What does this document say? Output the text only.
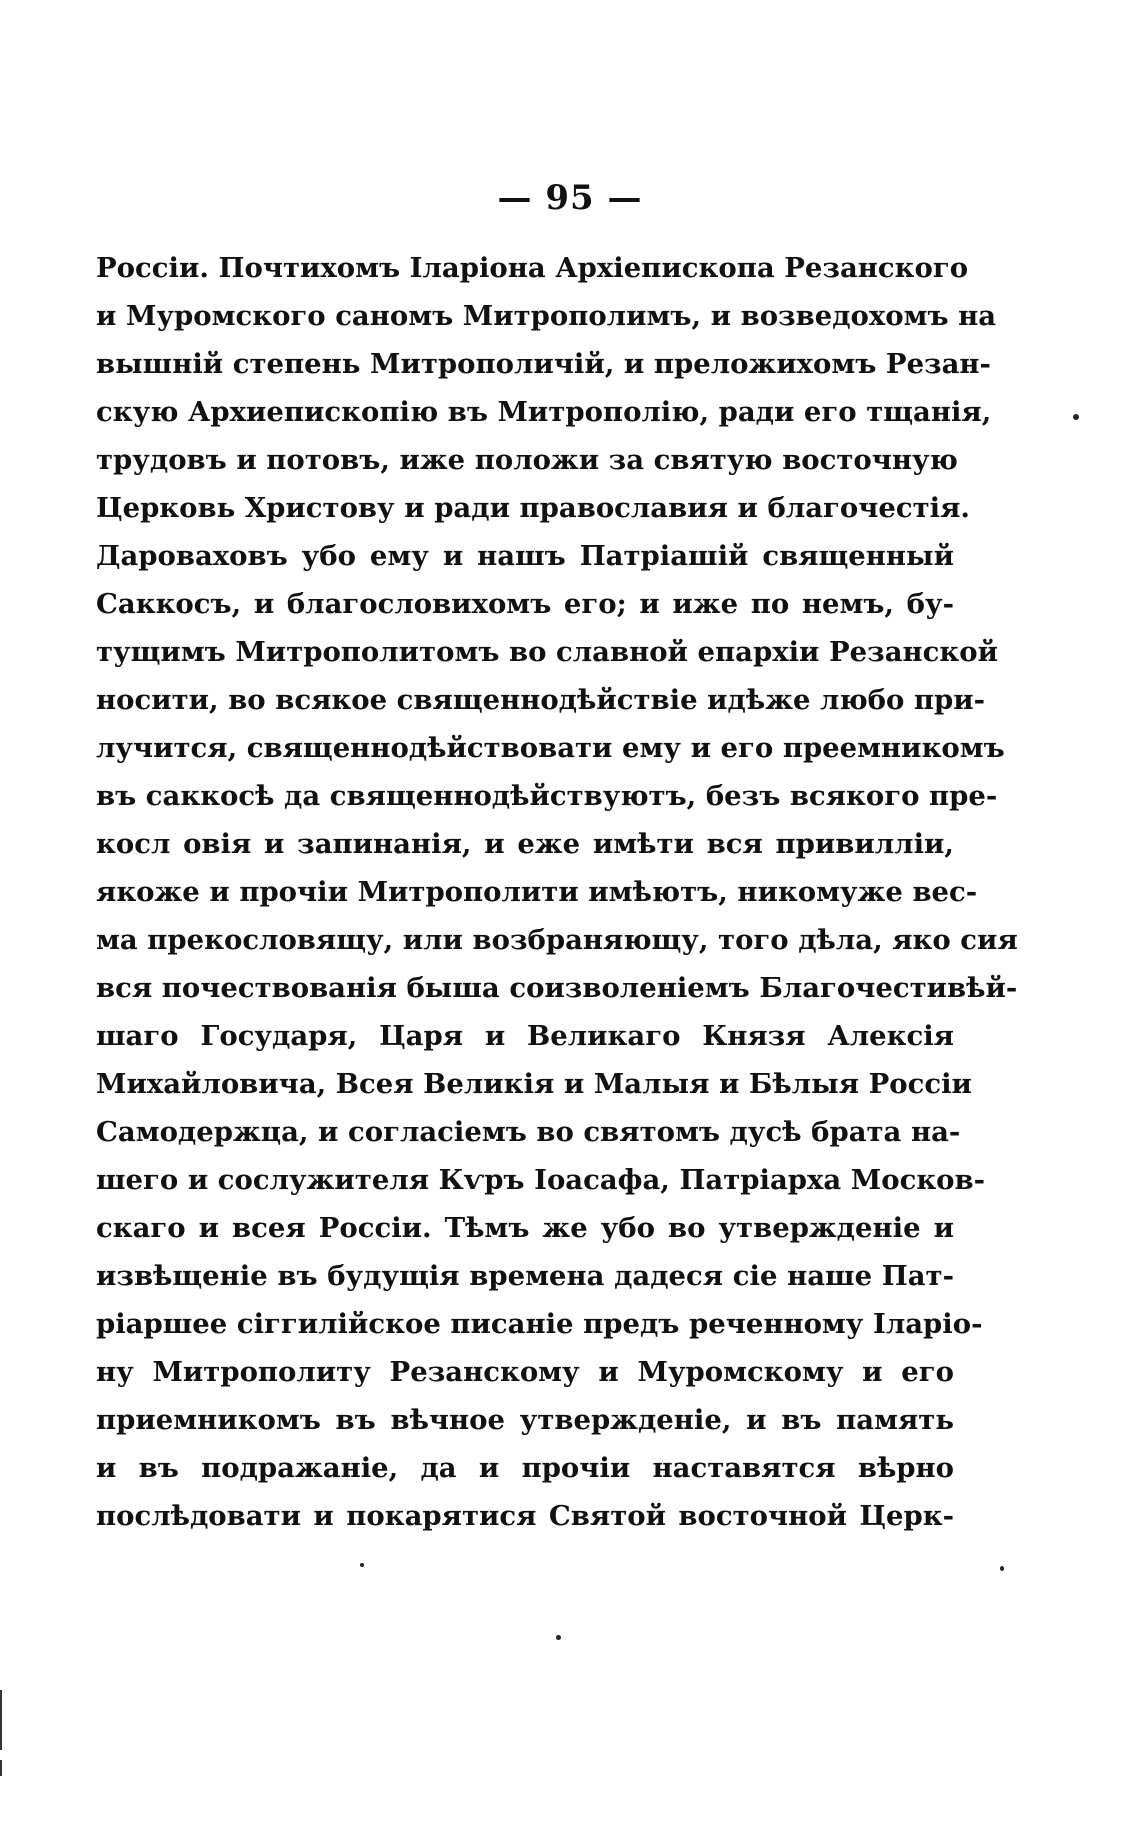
— 95 —
Россіи. Почтихомъ Іларіона Архіепископа Резанского
и Муромского саномъ Митрополимъ, и возведохомъ на
вышній степень Митрополичій, и преложихомъ Резан-
скую Архиепископію въ Митрополію, ради его тщанія,
трудовъ и потовъ, иже положи за святую восточную
Церковь Христову и ради православия и благочестія.
Дароваховъ убо ему и нашъ Патріашій священный
Саккосъ, и благословихомъ его; и иже по немъ, бу-
тущимъ Митрополитомъ во славной епархіи Резанской
носити, во всякое священнодѣйствіе идѣже любо при-
лучится, священнодѣйствовати ему и его преемникомъ
въ саккосѣ да священнодѣйствуютъ, безъ всякого пре-
косл овія и запинанія, и еже имѣти вся привилліи,
якоже и прочіи Митрополити имѣютъ, никомуже вес-
ма прекословящу, или возбраняющу, того дѣла, яко сия
вся почествованія быша соизволеніемъ Благочестивѣй-
шаго Государя, Царя и Великаго Князя Алексія
Михайловича, Всея Великія и Малыя и Бѣлыя Россіи
Самодержца, и согласіемъ во святомъ дусѣ брата на-
шего и сослужителя Кѵръ Іоасафа, Патріарха Москов-
скаго и всея Россіи. Тѣмъ же убо во утвержденіе и
извѣщеніе въ будущія времена дадеся сіе наше Пат-
ріаршее сіггилійское писаніе предъ реченному Іларіо-
ну Митрополиту Резанскому и Муромскому и его
приемникомъ въ вѣчное утвержденіе, и въ память
и въ подражаніе, да и прочіи наставятся вѣрно
послѣдовати и покарятися Святой восточной Церк-
